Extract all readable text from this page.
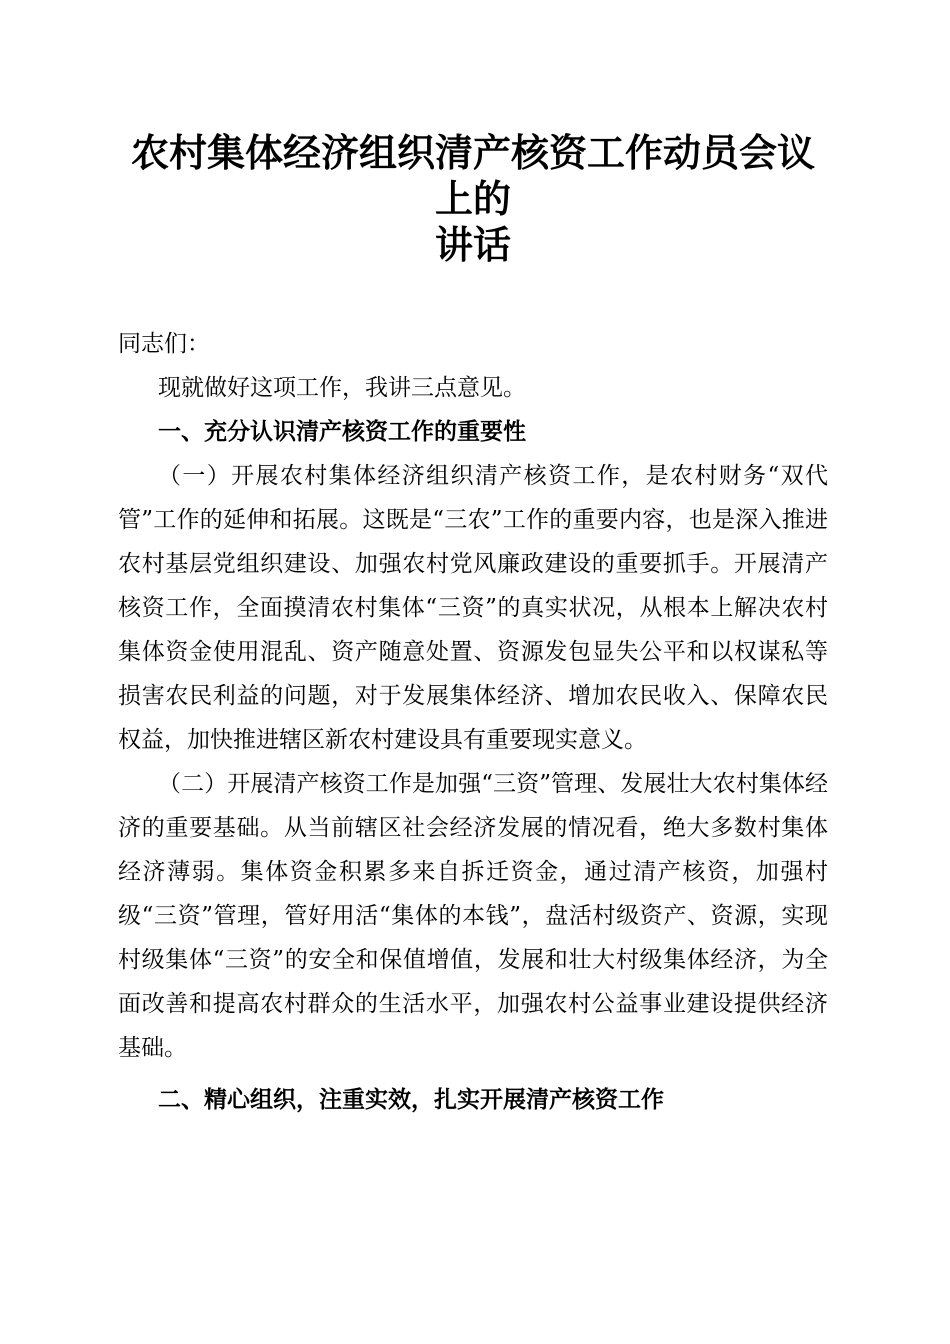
农村集体经济组织清产核资工作动员会议上的
讲话

同志们：

现就做好这项工作，我讲三点意见。

一、充分认识清产核资工作的重要性

（一）开展农村集体经济组织清产核资工作，是农村财务“双代管”工作的延伸和拓展。这既是“三农”工作的重要内容，也是深入推进农村基层党组织建设、加强农村党风廉政建设的重要抓手。开展清产核资工作，全面摸清农村集体“三资”的真实状况，从根本上解决农村集体资金使用混乱、资产随意处置、资源发包显失公平和以权谋私等损害农民利益的问题，对于发展集体经济、增加农民收入、保障农民权益，加快推进辖区新农村建设具有重要现实意义。

（二）开展清产核资工作是加强“三资”管理、发展壮大农村集体经济的重要基础。从当前辖区社会经济发展的情况看，绝大多数村集体经济薄弱。集体资金积累多来自拆迁资金，通过清产核资，加强村级“三资”管理，管好用活“集体的本钱”，盘活村级资产、资源，实现村级集体“三资”的安全和保值增值，发展和壮大村级集体经济，为全面改善和提高农村群众的生活水平，加强农村公益事业建设提供经济基础。

二、精心组织，注重实效，扎实开展清产核资工作
